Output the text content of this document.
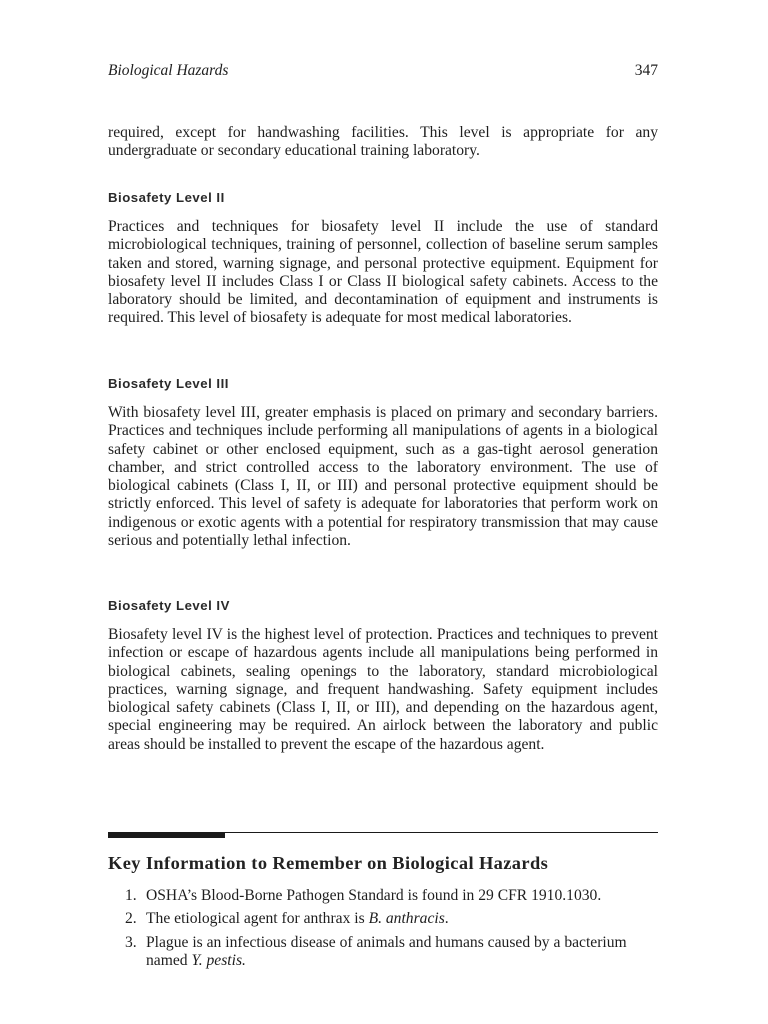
Biological Hazards	347

required, except for handwashing facilities. This level is appropriate for any undergraduate or secondary educational training laboratory.

Biosafety Level II

Practices and techniques for biosafety level II include the use of standard microbiological techniques, training of personnel, collection of baseline serum samples taken and stored, warning signage, and personal protective equipment. Equipment for biosafety level II includes Class I or Class II biological safety cabinets. Access to the laboratory should be limited, and decontamination of equipment and instruments is required. This level of biosafety is adequate for most medical laboratories.

Biosafety Level III

With biosafety level III, greater emphasis is placed on primary and secondary barriers. Practices and techniques include performing all manipulations of agents in a biological safety cabinet or other enclosed equipment, such as a gas-tight aerosol generation chamber, and strict controlled access to the laboratory environment. The use of biological cabinets (Class I, II, or III) and personal protective equipment should be strictly enforced. This level of safety is adequate for laboratories that perform work on indigenous or exotic agents with a potential for respiratory transmission that may cause serious and potentially lethal infection.

Biosafety Level IV

Biosafety level IV is the highest level of protection. Practices and techniques to prevent infection or escape of hazardous agents include all manipulations being performed in biological cabinets, sealing openings to the laboratory, standard microbiological practices, warning signage, and frequent handwashing. Safety equipment includes biological safety cabinets (Class I, II, or III), and depending on the hazardous agent, special engineering may be required. An airlock between the laboratory and public areas should be installed to prevent the escape of the hazardous agent.

Key Information to Remember on Biological Hazards
1. OSHA’s Blood-Borne Pathogen Standard is found in 29 CFR 1910.1030.
2. The etiological agent for anthrax is B. anthracis.
3. Plague is an infectious disease of animals and humans caused by a bacterium named Y. pestis.
